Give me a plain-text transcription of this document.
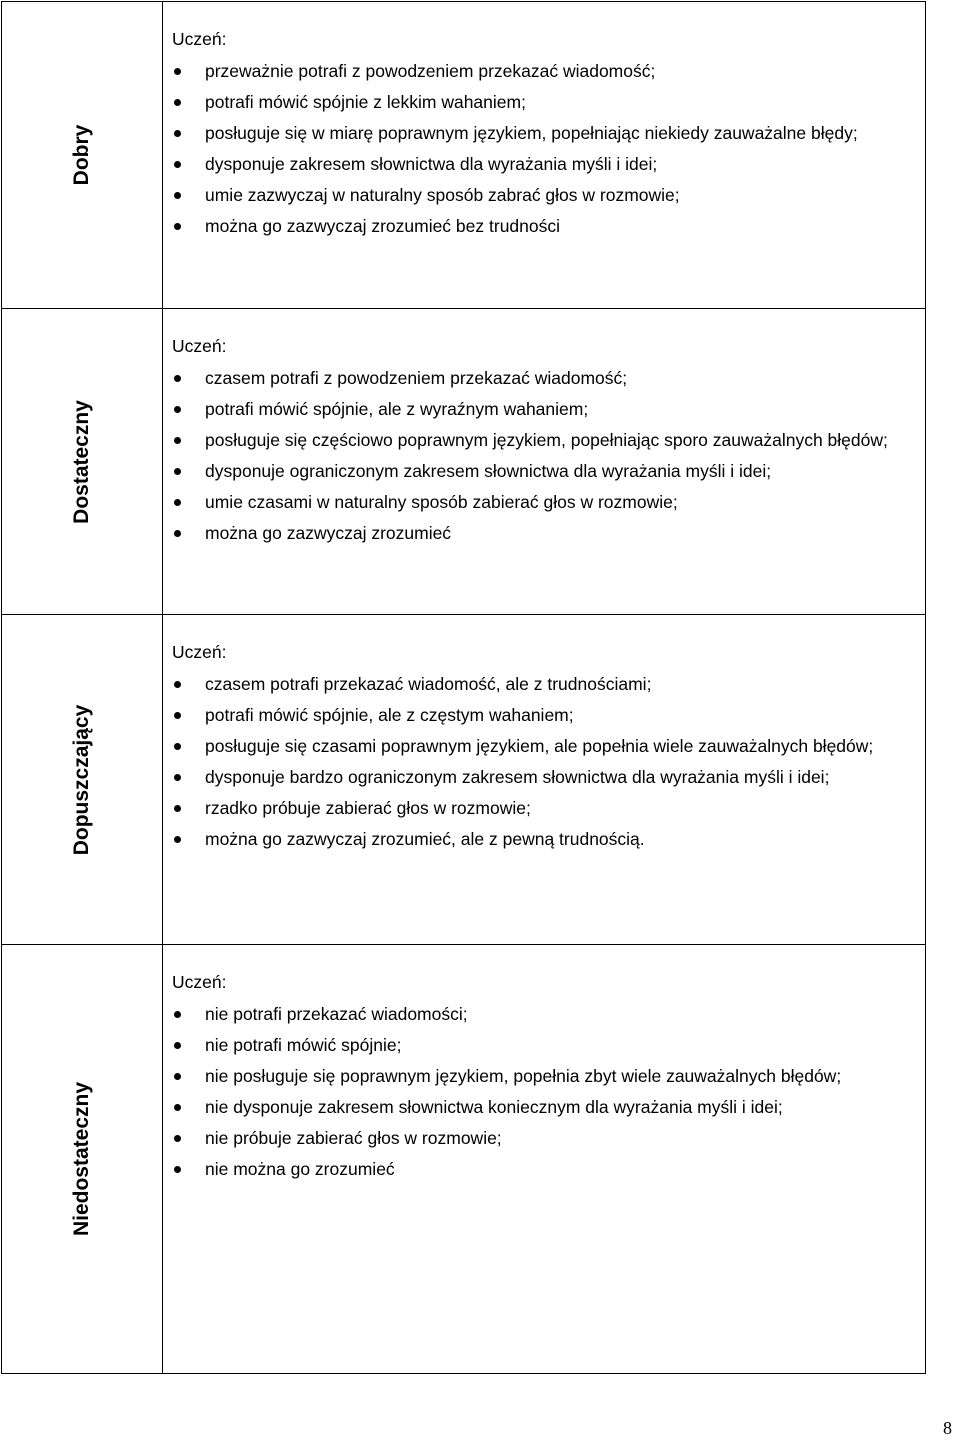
Dobry
Uczeń:
przeważnie potrafi z powodzeniem przekazać wiadomość;
potrafi mówić spójnie z lekkim wahaniem;
posługuje się w miarę poprawnym językiem, popełniając niekiedy zauważalne błędy;
dysponuje zakresem słownictwa dla wyrażania myśli i idei;
umie zazwyczaj w naturalny sposób zabrać głos w rozmowie;
można go zazwyczaj zrozumieć bez trudności
Dostateczny
Uczeń:
czasem potrafi z powodzeniem przekazać wiadomość;
potrafi mówić spójnie, ale z wyraźnym wahaniem;
posługuje się częściowo poprawnym językiem, popełniając sporo zauważalnych błędów;
dysponuje ograniczonym zakresem słownictwa dla wyrażania myśli i idei;
umie czasami w naturalny sposób zabierać głos w rozmowie;
można go zazwyczaj zrozumieć
Dopuszczający
Uczeń:
czasem potrafi przekazać wiadomość, ale z trudnościami;
potrafi mówić spójnie, ale z częstym wahaniem;
posługuje się czasami poprawnym językiem, ale popełnia wiele zauważalnych błędów;
dysponuje bardzo ograniczonym zakresem słownictwa dla wyrażania myśli i idei;
rzadko próbuje zabierać głos w rozmowie;
można go zazwyczaj zrozumieć, ale z pewną trudnością.
Niedostateczny
Uczeń:
nie potrafi przekazać wiadomości;
nie potrafi mówić spójnie;
nie posługuje się poprawnym językiem, popełnia zbyt wiele zauważalnych błędów;
nie dysponuje zakresem słownictwa koniecznym dla wyrażania myśli i idei;
nie próbuje zabierać głos w rozmowie;
nie można go zrozumieć
8
